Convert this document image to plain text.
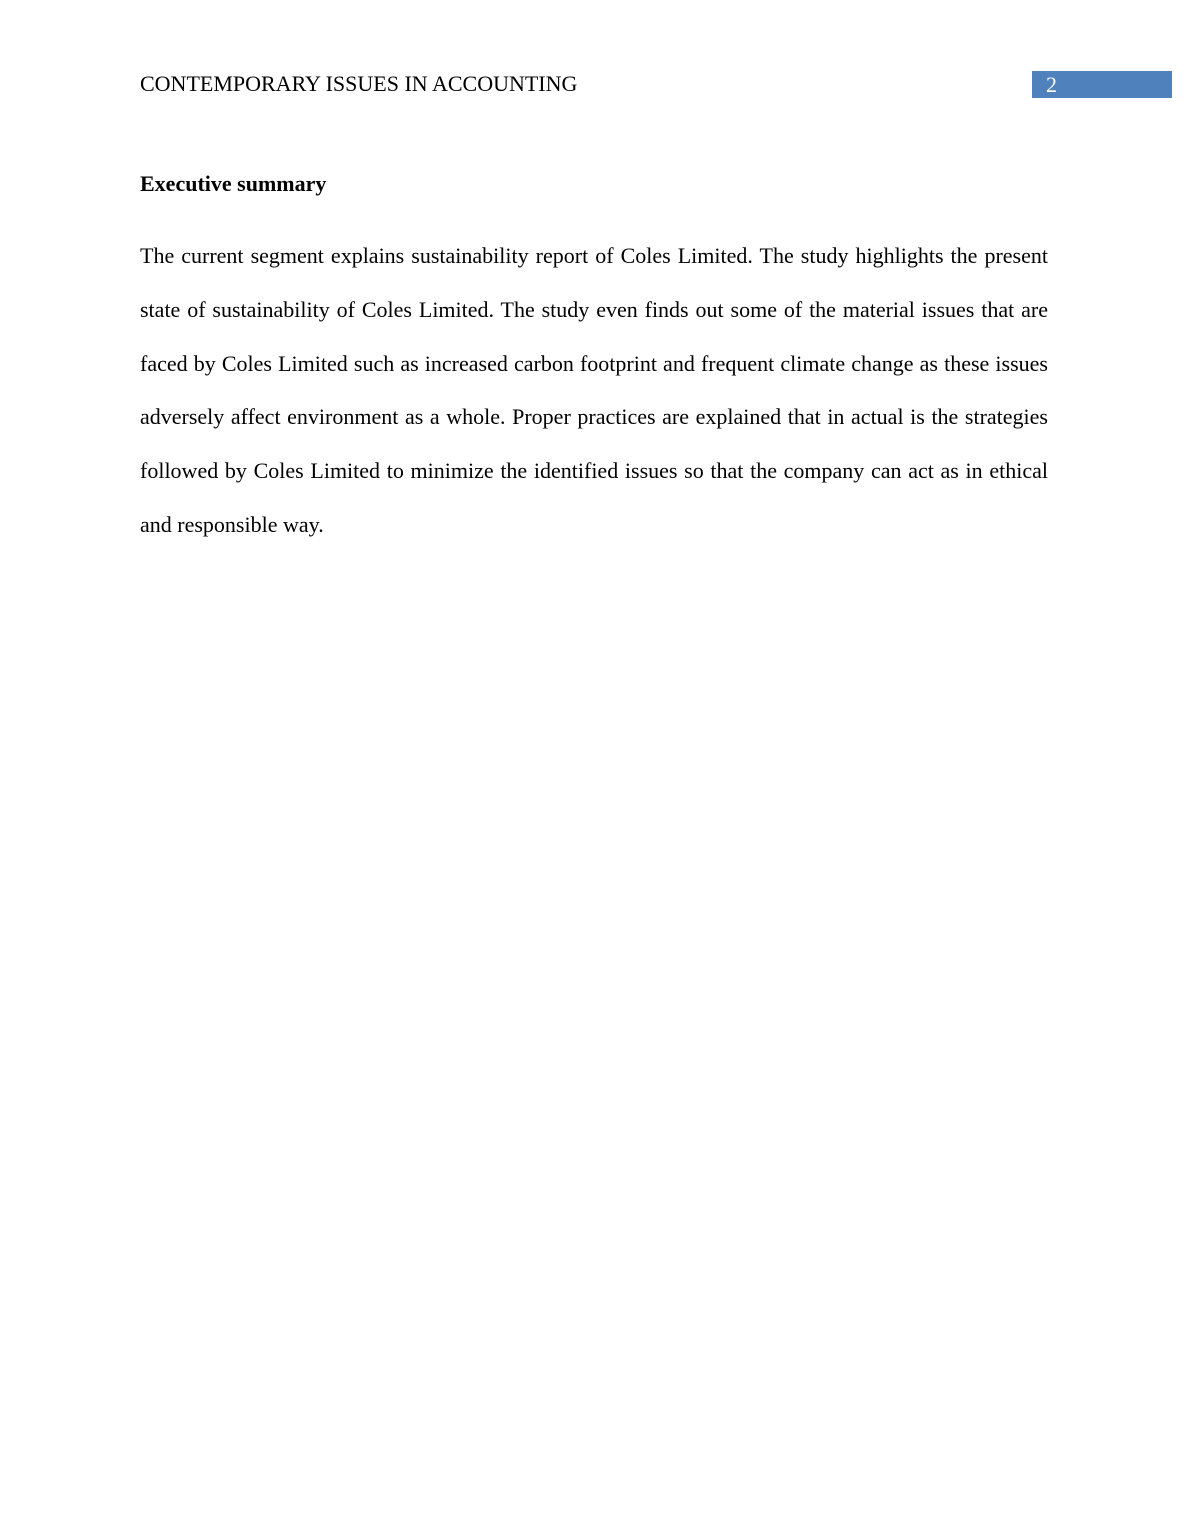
CONTEMPORARY ISSUES IN ACCOUNTING	2
Executive summary

The current segment explains sustainability report of Coles Limited. The study highlights the present state of sustainability of Coles Limited. The study even finds out some of the material issues that are faced by Coles Limited such as increased carbon footprint and frequent climate change as these issues adversely affect environment as a whole. Proper practices are explained that in actual is the strategies followed by Coles Limited to minimize the identified issues so that the company can act as in ethical and responsible way.
